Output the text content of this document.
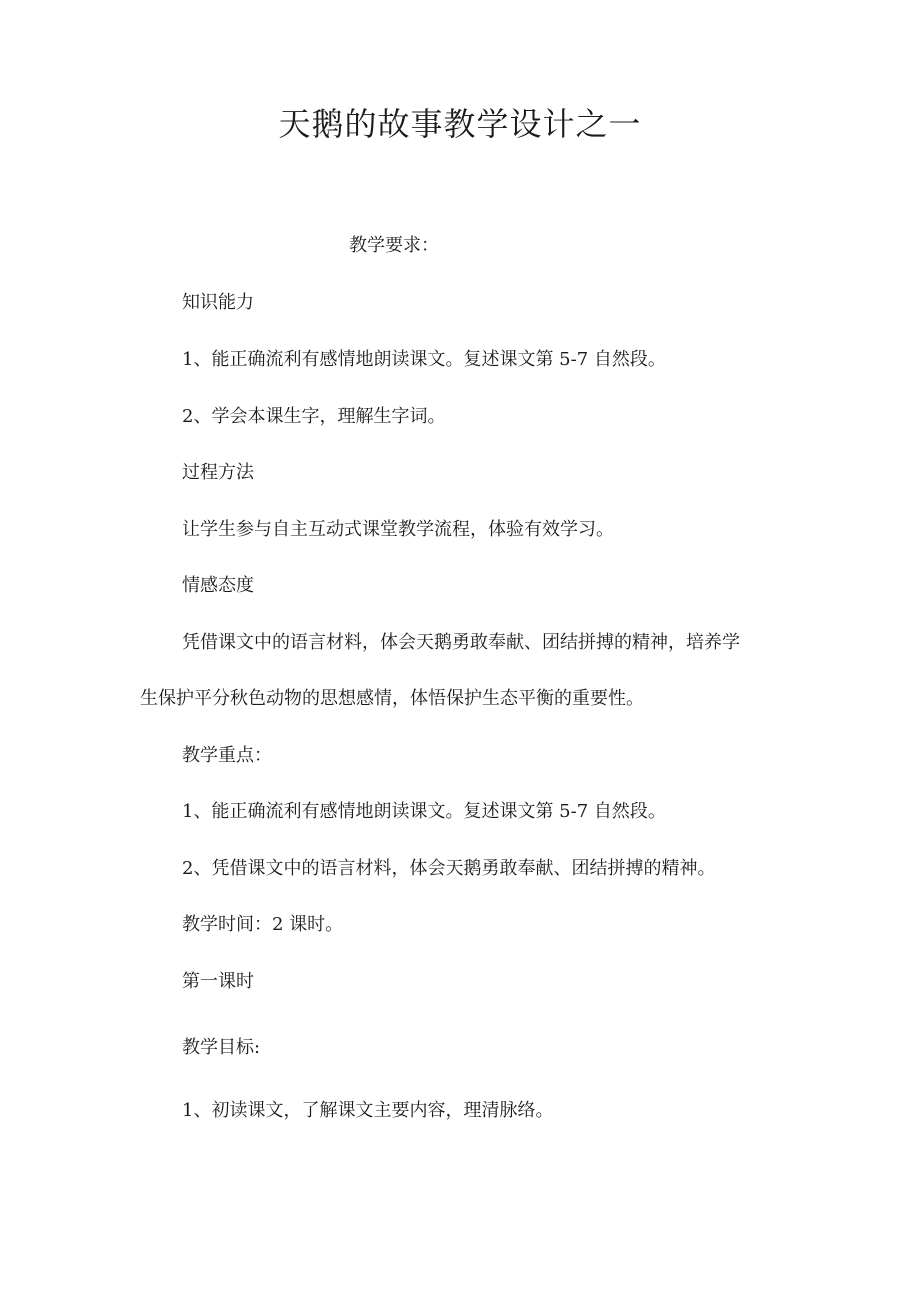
天鹅的故事教学设计之一
教学要求：
知识能力
1、能正确流利有感情地朗读课文。复述课文第 5-7 自然段。
2、学会本课生字，理解生字词。
过程方法
让学生参与自主互动式课堂教学流程，体验有效学习。
情感态度
凭借课文中的语言材料，体会天鹅勇敢奉献、团结拼搏的精神，培养学
生保护平分秋色动物的思想感情，体悟保护生态平衡的重要性。
教学重点：
1、能正确流利有感情地朗读课文。复述课文第 5-7 自然段。
2、凭借课文中的语言材料，体会天鹅勇敢奉献、团结拼搏的精神。
教学时间：2 课时。
第一课时
教学目标:
1、初读课文，了解课文主要内容，理清脉络。
